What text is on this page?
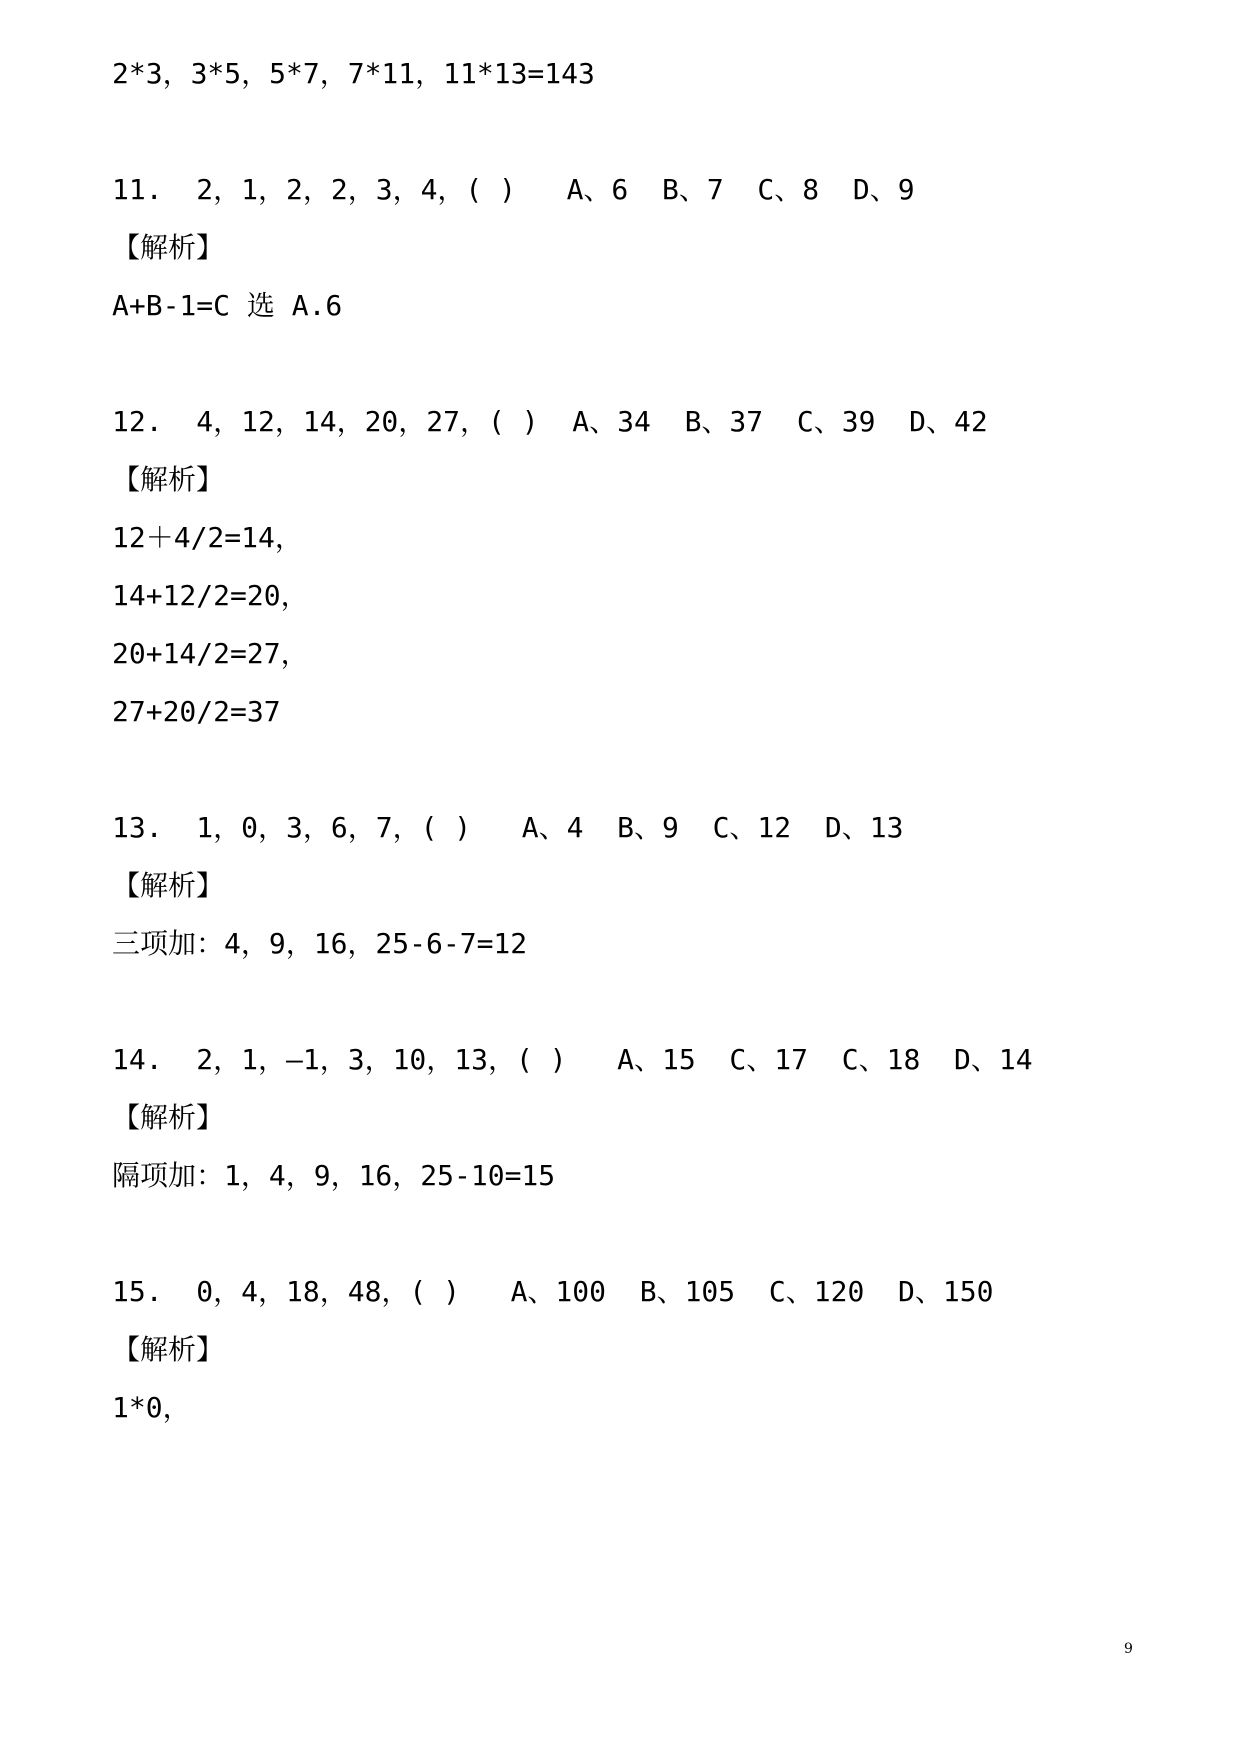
2*3，3*5，5*7，7*11，11*13=143
11.  2，1，2，2，3，4，( )   A、6  B、7  C、8  D、9
【解析】
A+B-1=C 选 A.6
12.  4，12，14，20，27，( )  A、34  B、37  C、39  D、42
【解析】
12＋4/2=14，
14+12/2=20，
20+14/2=27，
27+20/2=37
13.  1，0，3，6，7，( )   A、4  B、9  C、12  D、13
【解析】
三项加：4，9，16，25-6-7=12
14.  2，1，—1，3，10，13，( )   A、15  C、17  C、18  D、14
【解析】
隔项加：1，4，9，16，25-10=15
15.  0，4，18，48，( )   A、100  B、105  C、120  D、150
【解析】
1*0，
9
